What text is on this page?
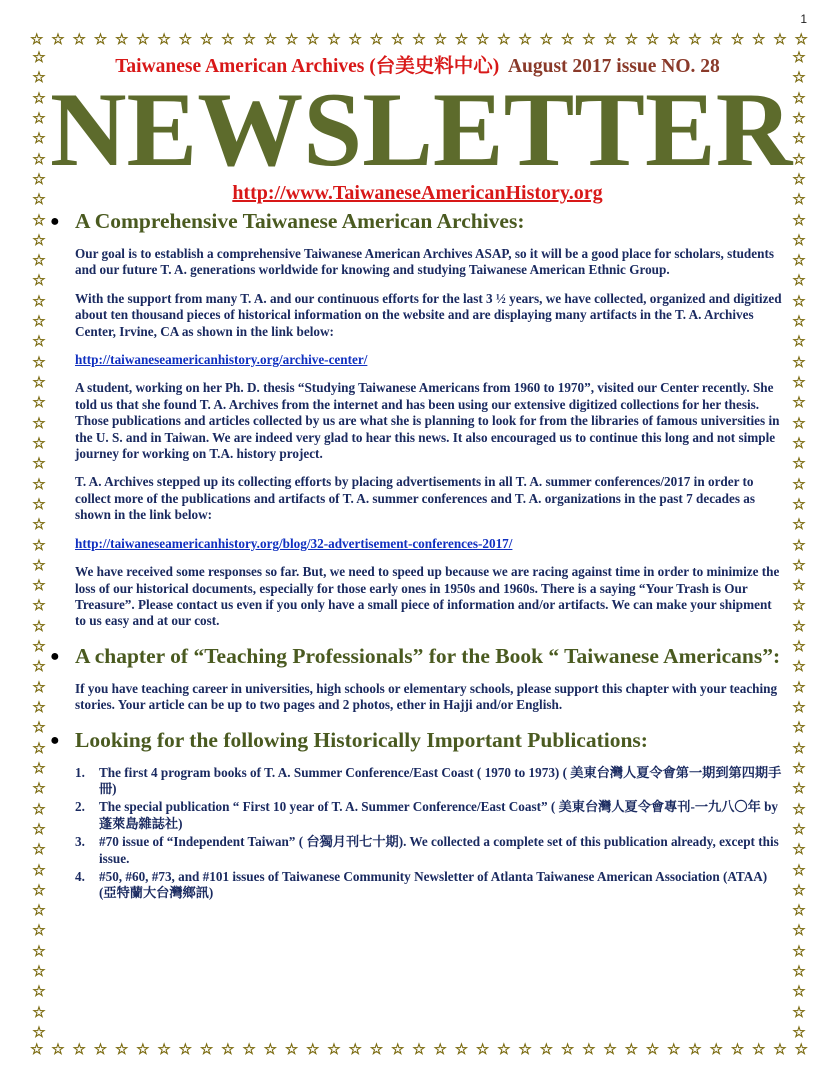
1
☆ ☆ ☆ ☆ ☆ ☆ ☆ ☆ ☆ ☆ ☆ ☆ ☆ ☆ ☆ ☆ ☆ ☆ ☆ ☆ ☆ ☆ ☆ ☆ ☆ ☆ ☆ ☆ ☆ ☆ ☆ ☆ ☆ ☆ ☆ ☆ ☆
☆ ☆ ☆ ☆ ☆ ☆ ☆ ☆ ☆ ☆ ☆ ☆ ☆ ☆ ☆ ☆ ☆ ☆ ☆ ☆ ☆ ☆ ☆ ☆ ☆ ☆ ☆ ☆ ☆ ☆ ☆ ☆ ☆ ☆ ☆ ☆ ☆
☆
☆
☆
☆
☆
☆
☆
☆
☆
☆
☆
☆
☆
☆
☆
☆
☆
☆
☆
☆
☆
☆
☆
☆
☆
☆
☆
☆
☆
☆
☆
☆
☆
☆
☆
☆
☆
☆
☆
☆
☆
☆
☆
☆
☆
☆
☆
☆
☆
☆
☆
☆
☆
☆
☆
☆
☆
☆
☆
☆
☆
☆
☆
☆
☆
☆
☆
☆
☆
☆
☆
☆
☆
☆
☆
☆
☆
☆
☆
☆
☆
☆
☆
☆
☆
☆
☆
☆
☆
☆
☆
☆
☆
☆
☆
☆
☆
☆
Taiwanese American Archives (台美史料中心) August 2017 issue NO. 28
NEWSLETTER
http://www.TaiwaneseAmericanHistory.org
● A Comprehensive Taiwanese American Archives:

Our goal is to establish a comprehensive Taiwanese American Archives ASAP, so it will be a good place for scholars, students and our future T. A. generations worldwide for knowing and studying Taiwanese American Ethnic Group.

With the support from many T. A. and our continuous efforts for the last 3 ½ years, we have collected, organized and digitized about ten thousand pieces of historical information on the website and are displaying many artifacts in the T. A. Archives Center, Irvine, CA as shown in the link below:

http://taiwaneseamericanhistory.org/archive-center/

A student, working on her Ph. D. thesis “Studying Taiwanese Americans from 1960 to 1970”, visited our Center recently. She told us that she found T. A. Archives from the internet and has been using our extensive digitized collections for her thesis. Those publications and articles collected by us are what she is planning to look for from the libraries of famous universities in the U. S. and in Taiwan. We are indeed very glad to hear this news. It also encouraged us to continue this long and not simple journey for working on T.A. history project.

T. A. Archives stepped up its collecting efforts by placing advertisements in all T. A. summer conferences/2017 in order to collect more of the publications and artifacts of T. A. summer conferences and T. A. organizations in the past 7 decades as shown in the link below:

http://taiwaneseamericanhistory.org/blog/32-advertisement-conferences-2017/

We have received some responses so far. But, we need to speed up because we are racing against time in order to minimize the loss of our historical documents, especially for those early ones in 1950s and 1960s. There is a saying “Your Trash is Our Treasure”. Please contact us even if you only have a small piece of information and/or artifacts. We can make your shipment to us easy and at our cost.

● A chapter of “Teaching Professionals” for the Book “ Taiwanese Americans”:

If you have teaching career in universities, high schools or elementary schools, please support this chapter with your teaching stories. Your article can be up to two pages and 2 photos, ether in Hajji and/or English.

● Looking for the following Historically Important Publications:
1.	The first 4 program books of T. A. Summer Conference/East Coast ( 1970 to 1973) ( 美東台灣人夏令會第一期到第四期手冊)
2.	The special publication “ First 10 year of T. A. Summer Conference/East Coast” ( 美東台灣人夏令會專刊-一九八〇年 by 蓬萊島雜誌社)
3.	#70 issue of “Independent Taiwan” ( 台獨月刊七十期). We collected a complete set of this publication already, except this issue.
4.	#50, #60, #73, and #101 issues of Taiwanese Community Newsletter of Atlanta Taiwanese American Association (ATAA) (亞特蘭大台灣鄉訊)
